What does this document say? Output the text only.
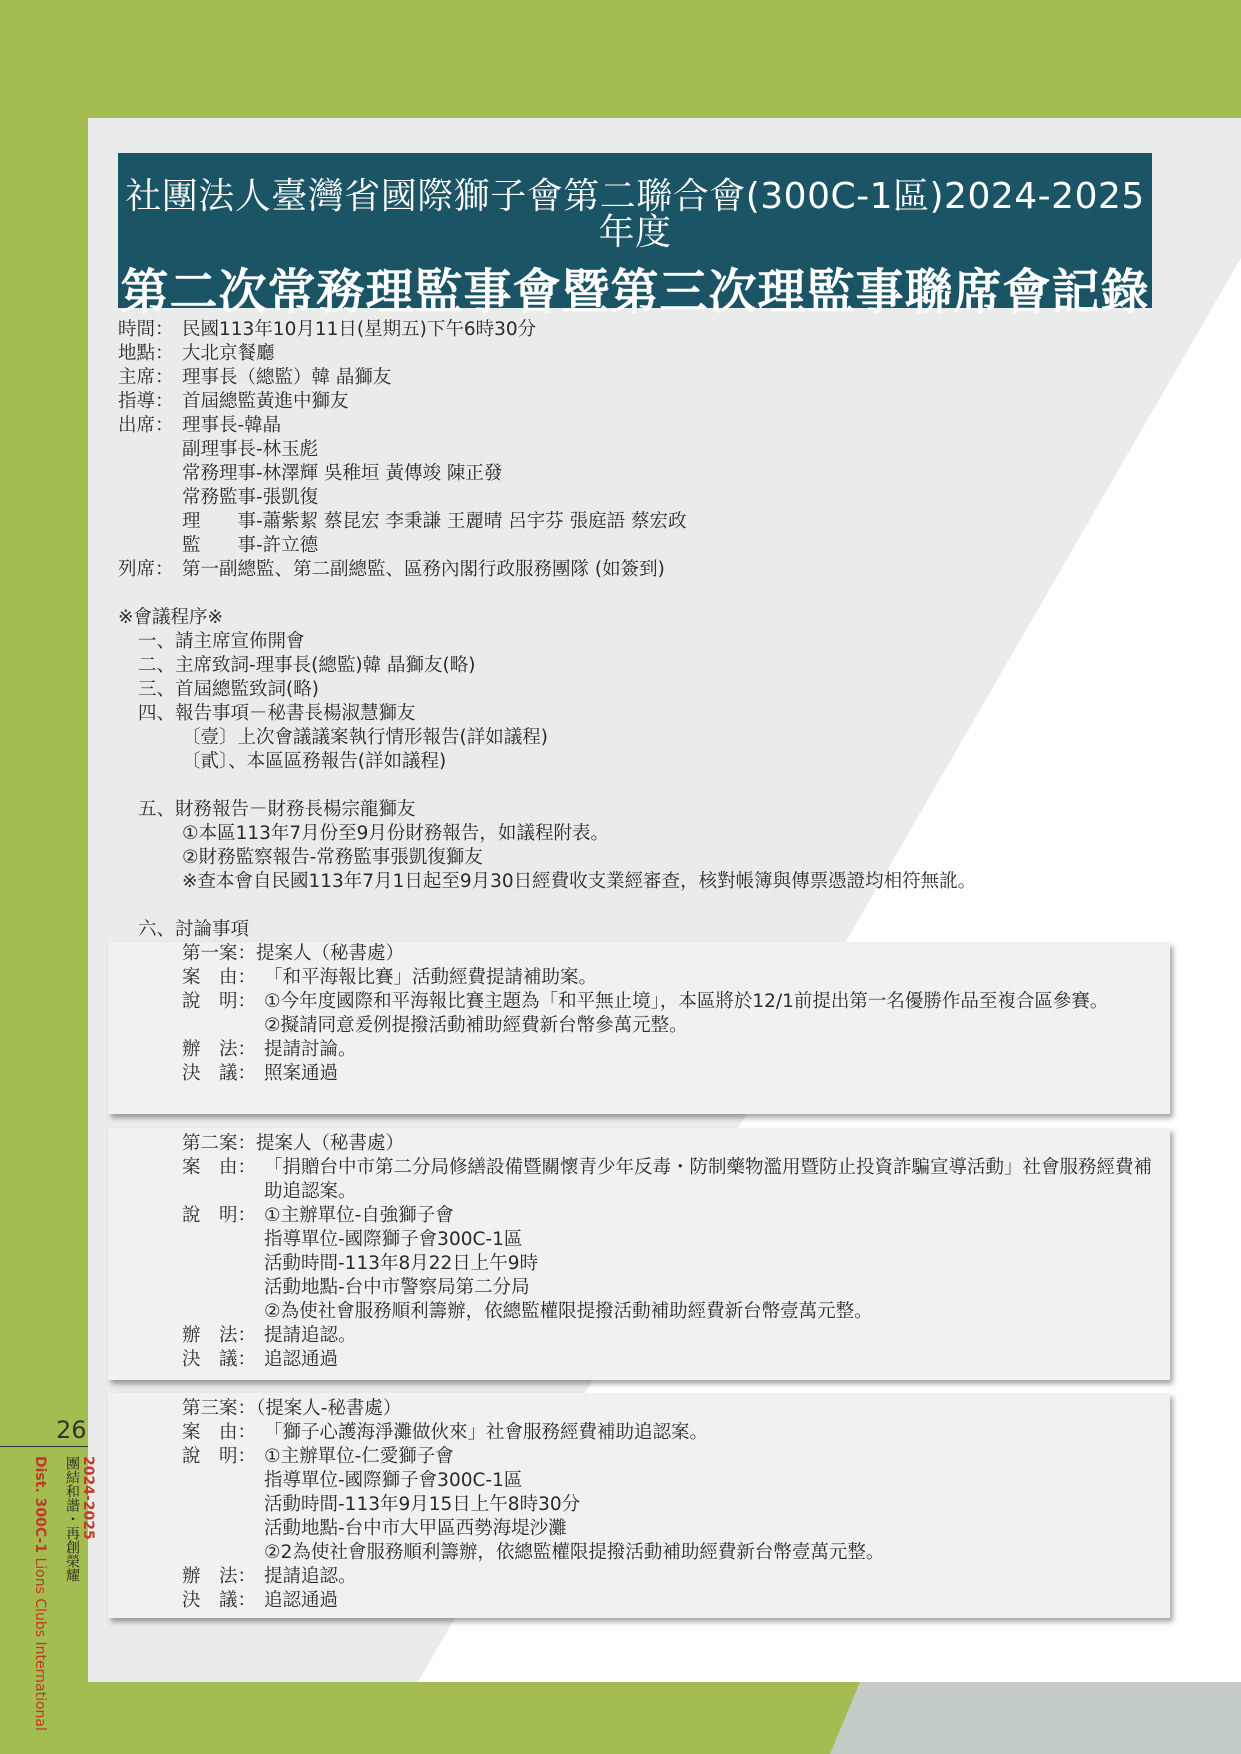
社團法人臺灣省國際獅子會第二聯合會(300C-1區)2024-2025年度
第二次常務理監事會暨第三次理監事聯席會記錄
時間： 民國113年10月11日(星期五)下午6時30分
地點： 大北京餐廳
主席： 理事長（總監）韓 晶獅友
指導： 首屆總監黃進中獅友
出席： 理事長-韓晶
副理事長-林玉彪
常務理事-林澤輝 吳稚垣 黃傳竣 陳正發
常務監事-張凱復
理　　事-蕭紫絜 蔡昆宏 李秉謙 王麗晴 呂宇芬 張庭語 蔡宏政
監　　事-許立德
列席： 第一副總監、第二副總監、區務內閣行政服務團隊 (如簽到)
※會議程序※
一、請主席宣佈開會
二、主席致詞-理事長(總監)韓 晶獅友(略)
三、首屆總監致詞(略)
四、報告事項－秘書長楊淑慧獅友
〔壹〕上次會議議案執行情形報告(詳如議程)
〔貳〕、本區區務報告(詳如議程)
五、財務報告－財務長楊宗龍獅友
①本區113年7月份至9月份財務報告，如議程附表。
②財務監察報告-常務監事張凱復獅友
※查本會自民國113年7月1日起至9月30日經費收支業經審查，核對帳簿與傳票憑證均相符無訛。
六、討論事項
第一案：提案人（秘書處）
案　由： 「和平海報比賽」活動經費提請補助案。
說　明： ①今年度國際和平海報比賽主題為「和平無止境」，本區將於12/1前提出第一名優勝作品至複合區參賽。
②擬請同意爰例提撥活動補助經費新台幣參萬元整。
辦　法： 提請討論。
決　議： 照案通過
第二案：提案人（秘書處）
案　由： 「捐贈台中市第二分局修繕設備暨關懷青少年反毒・防制藥物濫用暨防止投資詐騙宣導活動」社會服務經費補助追認案。
說　明： ①主辦單位-自強獅子會
指導單位-國際獅子會300C-1區
活動時間-113年8月22日上午9時
活動地點-台中市警察局第二分局
②為使社會服務順利籌辦，依總監權限提撥活動補助經費新台幣壹萬元整。
辦　法： 提請追認。
決　議： 追認通過
第三案：（提案人-秘書處）
案　由： 「獅子心護海淨灘做伙來」社會服務經費補助追認案。
說　明： ①主辦單位-仁愛獅子會
指導單位-國際獅子會300C-1區
活動時間-113年9月15日上午8時30分
活動地點-台中市大甲區西勢海堤沙灘
②2為使社會服務順利籌辦，依總監權限提撥活動補助經費新台幣壹萬元整。
辦　法： 提請追認。
決　議： 追認通過
26
2024-2025
團結和諧・再創榮耀
Dist. 300C-1 Lions Clubs International
